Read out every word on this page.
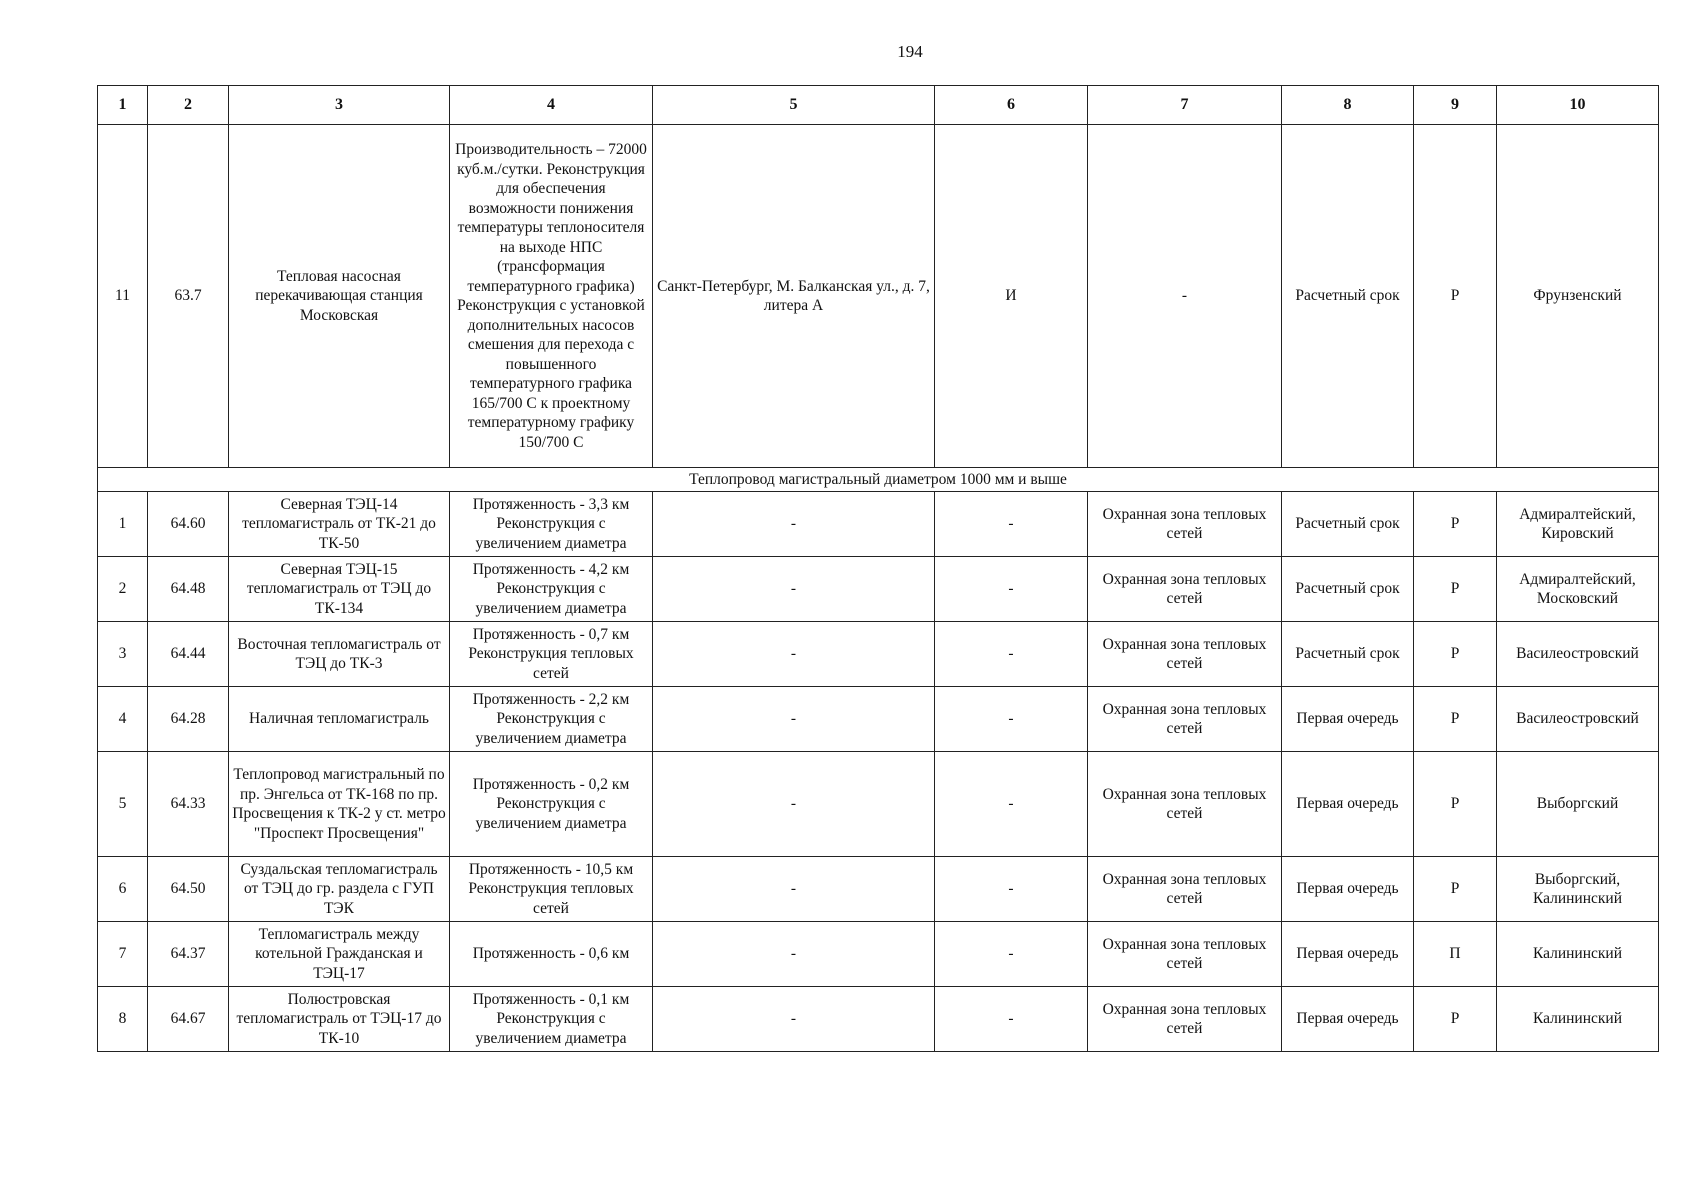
194
1	2	3	4	5	6	7	8	9	10
11	63.7	Тепловая насосная перекачивающая станция Московская	Производительность – 72000 куб.м./сутки. Реконструкция для обеспечения возможности понижения температуры теплоносителя на выходе НПС (трансформация температурного графика) Реконструкция с установкой дополнительных насосов смешения для перехода с повышенного температурного графика 165/700 С к проектному температурному графику 150/700 С	Санкт-Петербург, М. Балканская ул., д. 7, литера А	И	-	Расчетный срок	Р	Фрунзенский
Теплопровод магистральный диаметром 1000 мм и выше									
1	64.60	Северная ТЭЦ-14 тепломагистраль от ТК-21 до ТК-50	Протяженность - 3,3 км Реконструкция с увеличением диаметра	-	-	Охранная зона тепловых сетей	Расчетный срок	Р	Адмиралтейский, Кировский
2	64.48	Северная ТЭЦ-15 тепломагистраль от ТЭЦ до ТК-134	Протяженность - 4,2 км Реконструкция с увеличением диаметра	-	-	Охранная зона тепловых сетей	Расчетный срок	Р	Адмиралтейский, Московский
3	64.44	Восточная тепломагистраль от ТЭЦ до ТК-3	Протяженность - 0,7 км Реконструкция тепловых сетей	-	-	Охранная зона тепловых сетей	Расчетный срок	Р	Василеостровский
4	64.28	Наличная тепломагистраль	Протяженность - 2,2 км Реконструкция с увеличением диаметра	-	-	Охранная зона тепловых сетей	Первая очередь	Р	Василеостровский
5	64.33	Теплопровод магистральный по пр. Энгельса от ТК-168 по пр. Просвещения к ТК-2 у ст. метро "Проспект Просвещения"	Протяженность - 0,2 км Реконструкция с увеличением диаметра	-	-	Охранная зона тепловых сетей	Первая очередь	Р	Выборгский
6	64.50	Суздальская тепломагистраль от ТЭЦ до гр. раздела с ГУП ТЭК	Протяженность - 10,5 км Реконструкция тепловых сетей	-	-	Охранная зона тепловых сетей	Первая очередь	Р	Выборгский, Калининский
7	64.37	Тепломагистраль между котельной Гражданская и ТЭЦ-17	Протяженность - 0,6 км	-	-	Охранная зона тепловых сетей	Первая очередь	П	Калининский
8	64.67	Полюстровская тепломагистраль от ТЭЦ-17 до ТК-10	Протяженность - 0,1 км Реконструкция с увеличением диаметра	-	-	Охранная зона тепловых сетей	Первая очередь	Р	Калининский
